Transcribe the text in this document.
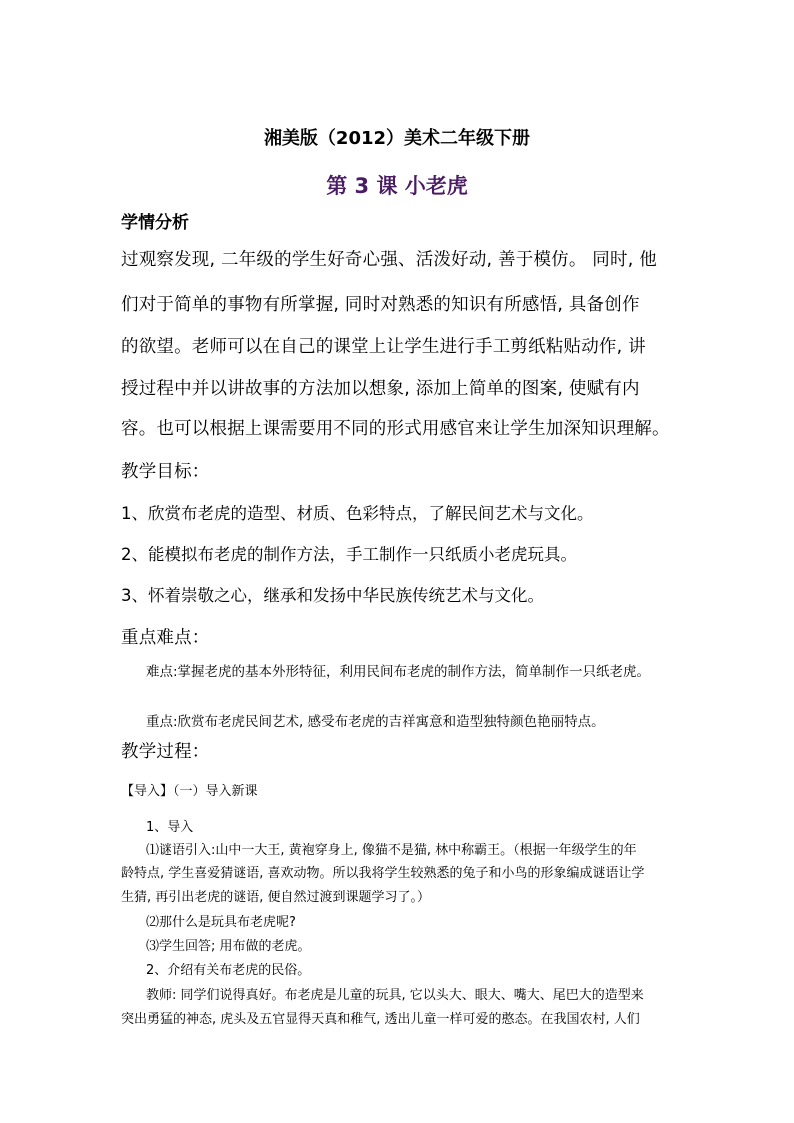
湘美版（2012）美术二年级下册
第 3 课 小老虎
学情分析
过观察发现, 二年级的学生好奇心强、活泼好动, 善于模仿。 同时, 他
们对于简单的事物有所掌握, 同时对熟悉的知识有所感悟, 具备创作
的欲望。老师可以在自己的课堂上让学生进行手工剪纸粘贴动作, 讲
授过程中并以讲故事的方法加以想象, 添加上简单的图案, 使赋有内
容。也可以根据上课需要用不同的形式用感官来让学生加深知识理解。
教学目标：
1、欣赏布老虎的造型、材质、色彩特点，了解民间艺术与文化。
2、能模拟布老虎的制作方法，手工制作一只纸质小老虎玩具。
3、怀着崇敬之心，继承和发扬中华民族传统艺术与文化。
重点难点：
难点:掌握老虎的基本外形特征，利用民间布老虎的制作方法，简单制作一只纸老虎。
重点:欣赏布老虎民间艺术, 感受布老虎的吉祥寓意和造型独特颜色艳丽特点。
教学过程：
【导入】（一）导入新课
1、导入
⑴谜语引入:山中一大王, 黄袍穿身上, 像猫不是猫, 林中称霸王。（根据一年级学生的年
龄特点, 学生喜爱猜谜语, 喜欢动物。所以我将学生较熟悉的兔子和小鸟的形象编成谜语让学
生猜, 再引出老虎的谜语, 便自然过渡到课题学习了。）
⑵那什么是玩具布老虎呢?
⑶学生回答; 用布做的老虎。
2、介绍有关布老虎的民俗。
教师: 同学们说得真好。布老虎是儿童的玩具, 它以头大、眼大、嘴大、尾巴大的造型来
突出勇猛的神态, 虎头及五官显得天真和稚气, 透出儿童一样可爱的憨态。在我国农村, 人们
